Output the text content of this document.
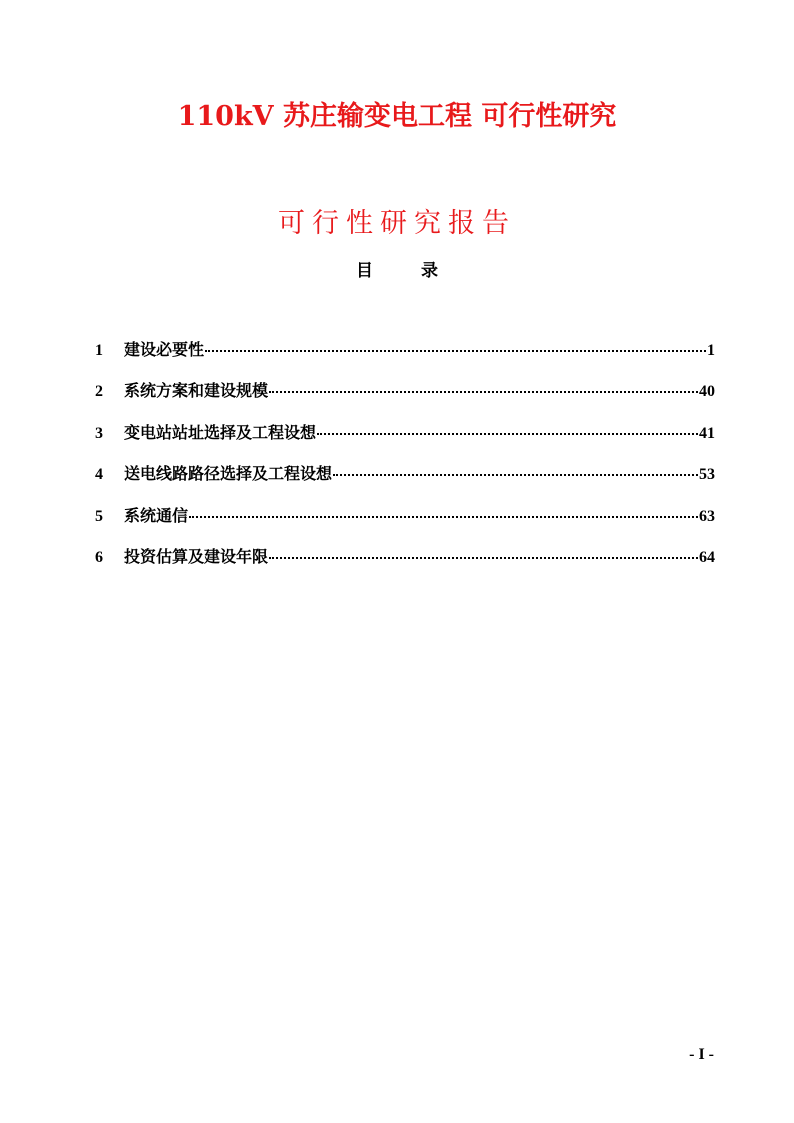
110kV 苏庄输变电工程 可行性研究
可行性研究报告
目	录
1	建设必要性	1
2	系统方案和建设规模	40
3	变电站站址选择及工程设想	41
4	送电线路路径选择及工程设想	53
5	系统通信	63
6	投资估算及建设年限	64
- I -
